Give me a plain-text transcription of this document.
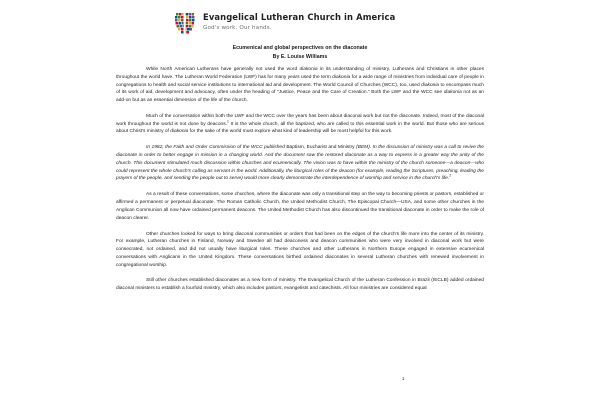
Evangelical Lutheran Church in America
God's work. Our hands.
Ecumenical and global perspectives on the diaconate
By E. Louise Williams

While North American Lutherans have generally not used the word diakonia in its understanding of ministry, Lutherans and Christians in other places throughout the world have. The Lutheran World Federation (LWF) has for many years used the term diakonia for a wide range of ministries from individual care of people in congregations to health and social service institutions to international aid and development. The World Council of Churches (WCC), too, used diakonia to encompass much of its work of aid, development and advocacy, often under the heading of "Justice, Peace and the Care of Creation." Both the LWF and the WCC see diakonia not as an add-on but as an essential dimension of the life of the church.

Much of the conversation within both the LWF and the WCC over the years has been about diaconal work but not the diaconate. Indeed, most of the diaconal work throughout the world is not done by deacons.$^1$ It is the whole church, all the baptized, who are called to this essential work in the world. But those who are serious about Christ's ministry of diakonia for the sake of the world must explore what kind of leadership will be most helpful for this work.

In 1982, the Faith and Order Commission of the WCC published Baptism, Eucharist and Ministry (BEM). In the discussion of ministry was a call to revive the diaconate in order to better engage in mission in a changing world. And the document saw the restored diaconate as a way to express in a greater way the unity of the church. This document stimulated much discussion within churches and ecumenically. The vision was to have within the ministry of the church someone—a deacon—who could represent the whole church's calling as servant in the world. Additionally, the liturgical roles of the deacon (for example, reading the Scriptures, preaching, leading the prayers of the people, and sending the people out to serve) would more clearly demonstrate the interdependence of worship and service in the church's life.$^2$

As a result of these conversations, some churches, where the diaconate was only a transitional step on the way to becoming priests or pastors, established or affirmed a permanent or perpetual diaconate. The Roman Catholic Church, the United Methodist Church, The Episcopal Church—USA, and some other churches in the Anglican Communion all now have ordained permanent deacons. The United Methodist Church has also discontinued the transitional diaconate in order to make the role of deacon clearer.

Other churches looked for ways to bring diaconal communities or orders that had been on the edges of the church's life more into the center of its ministry. For example, Lutheran churches in Finland, Norway and Sweden all had deaconess and deacon communities who were very involved in diaconal work but were consecrated, not ordained, and did not usually have liturgical roles. These churches and other Lutherans in Northern Europe engaged in extensive ecumenical conversations with Anglicans in the United Kingdom. These conversations birthed ordained diaconates in several Lutheran churches with renewed involvement in congregational worship.

Still other churches established diaconates as a new form of ministry. The Evangelical Church of the Lutheran Confession in Brazil (IECLB) added ordained diaconal ministers to establish a fourfold ministry, which also includes pastors, evangelists and catechists. All four ministries are considered equal

1
